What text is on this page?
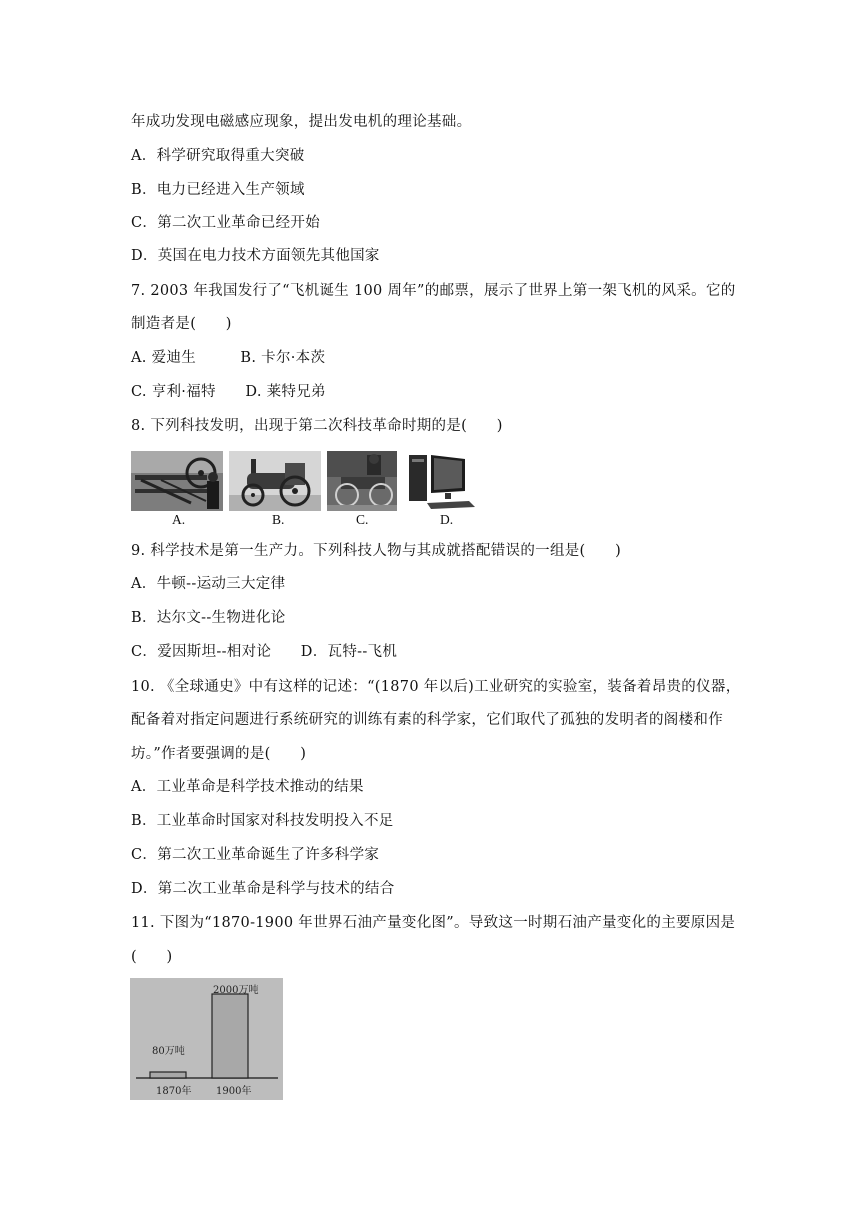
年成功发现电磁感应现象，提出发电机的理论基础。
A．科学研究取得重大突破
B．电力已经进入生产领域
C．第二次工业革命已经开始
D．英国在电力技术方面领先其他国家
7. 2003 年我国发行了“飞机诞生 100 周年”的邮票，展示了世界上第一架飞机的风采。它的
制造者是(　　)
A. 爱迪生　　　B. 卡尔·本茨
C. 亨利·福特　　D. 莱特兄弟
8. 下列科技发明，出现于第二次科技革命时期的是(　　)
A.	B.	C.	D.
9. 科学技术是第一生产力。下列科技人物与其成就搭配错误的一组是(　　)
A．牛顿--运动三大定律
B．达尔文--生物进化论
C．爱因斯坦--相对论　　D．瓦特--飞机
10. 《全球通史》中有这样的记述：“(1870 年以后)工业研究的实验室，装备着昂贵的仪器，
配备着对指定问题进行系统研究的训练有素的科学家，它们取代了孤独的发明者的阁楼和作
坊。”作者要强调的是(　　)
A．工业革命是科学技术推动的结果
B．工业革命时国家对科技发明投入不足
C．第二次工业革命诞生了许多科学家
D．第二次工业革命是科学与技术的结合
11. 下图为“1870-1900 年世界石油产量变化图”。导致这一时期石油产量变化的主要原因是
(　　)
80万吨
2000万吨
1870年 1900年
